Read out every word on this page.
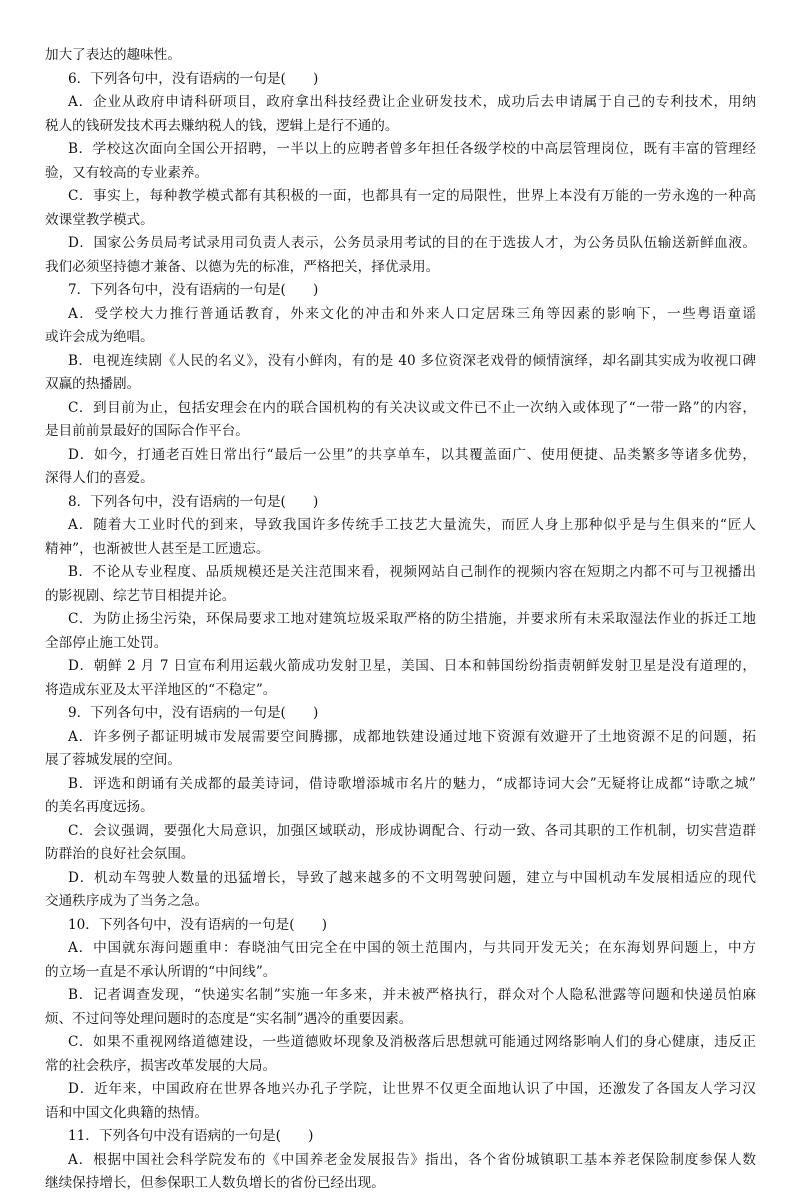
加大了表达的趣味性。
6．下列各句中，没有语病的一句是(　　)
A．企业从政府申请科研项目，政府拿出科技经费让企业研发技术，成功后去申请属于自己的专利技术，用纳
税人的钱研发技术再去赚纳税人的钱，逻辑上是行不通的。
B．学校这次面向全国公开招聘，一半以上的应聘者曾多年担任各级学校的中高层管理岗位，既有丰富的管理经
验，又有较高的专业素养。
C．事实上，每种教学模式都有其积极的一面，也都具有一定的局限性，世界上本没有万能的一劳永逸的一种高
效课堂教学模式。
D．国家公务员局考试录用司负责人表示，公务员录用考试的目的在于选拔人才，为公务员队伍输送新鲜血液。
我们必须坚持德才兼备、以德为先的标准，严格把关，择优录用。
7．下列各句中，没有语病的一句是(　　)
A．受学校大力推行普通话教育，外来文化的冲击和外来人口定居珠三角等因素的影响下，一些粤语童谣
或许会成为绝唱。
B．电视连续剧《人民的名义》，没有小鲜肉，有的是 40 多位资深老戏骨的倾情演绎，却名副其实成为收视口碑
双赢的热播剧。
C．到目前为止，包括安理会在内的联合国机构的有关决议或文件已不止一次纳入或体现了“一带一路”的内容，
是目前前景最好的国际合作平台。
D．如今，打通老百姓日常出行“最后一公里”的共享单车，以其覆盖面广、使用便捷、品类繁多等诸多优势，
深得人们的喜爱。
8．下列各句中，没有语病的一句是(　　)
A．随着大工业时代的到来，导致我国许多传统手工技艺大量流失，而匠人身上那种似乎是与生俱来的“匠人
精神”，也渐被世人甚至是工匠遗忘。
B．不论从专业程度、品质规模还是关注范围来看，视频网站自己制作的视频内容在短期之内都不可与卫视播出
的影视剧、综艺节目相提并论。
C．为防止扬尘污染，环保局要求工地对建筑垃圾采取严格的防尘措施，并要求所有未采取湿法作业的拆迁工地
全部停止施工处罚。
D．朝鲜 2 月 7 日宣布利用运载火箭成功发射卫星，美国、日本和韩国纷纷指责朝鲜发射卫星是没有道理的，
将造成东亚及太平洋地区的“不稳定”。
9．下列各句中，没有语病的一句是(　　)
A．许多例子都证明城市发展需要空间腾挪，成都地铁建设通过地下资源有效避开了土地资源不足的问题，拓
展了蓉城发展的空间。
B．评选和朗诵有关成都的最美诗词，借诗歌增添城市名片的魅力，“成都诗词大会”无疑将让成都“诗歌之城”
的美名再度远扬。
C．会议强调，要强化大局意识，加强区域联动，形成协调配合、行动一致、各司其职的工作机制，切实营造群
防群治的良好社会氛围。
D．机动车驾驶人数量的迅猛增长，导致了越来越多的不文明驾驶问题，建立与中国机动车发展相适应的现代
交通秩序成为了当务之急。
10．下列各句中，没有语病的一句是(　　)
A．中国就东海问题重申：春晓油气田完全在中国的领土范围内，与共同开发无关；在东海划界问题上，中方
的立场一直是不承认所谓的“中间线”。
B．记者调查发现，“快递实名制”实施一年多来，并未被严格执行，群众对个人隐私泄露等问题和快递员怕麻
烦、不过问等处理问题时的态度是“实名制”遇冷的重要因素。
C．如果不重视网络道德建设，一些道德败坏现象及消极落后思想就可能通过网络影响人们的身心健康，违反正
常的社会秩序，损害改革发展的大局。
D．近年来，中国政府在世界各地兴办孔子学院，让世界不仅更全面地认识了中国，还激发了各国友人学习汉
语和中国文化典籍的热情。
11．下列各句中没有语病的一句是(　　)
A．根据中国社会科学院发布的《中国养老金发展报告》指出，各个省份城镇职工基本养老保险制度参保人数
继续保持增长，但参保职工人数负增长的省份已经出现。
